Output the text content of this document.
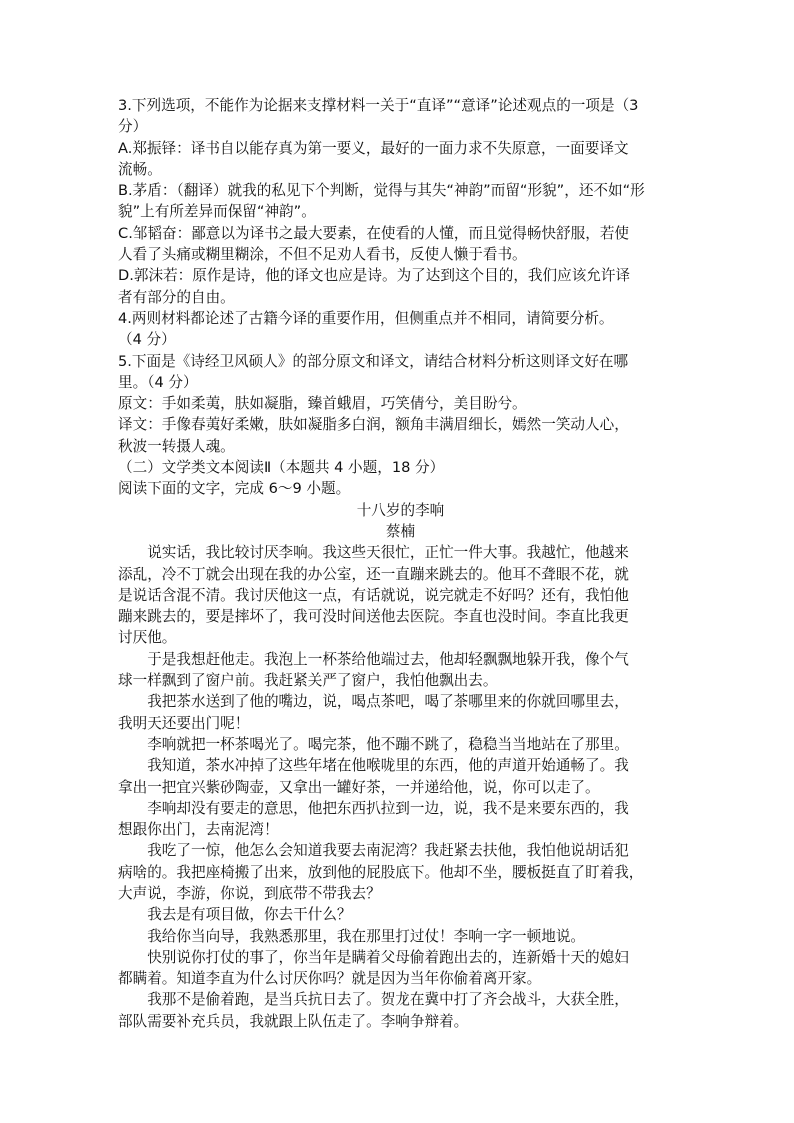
3.下列选项，不能作为论据来支撑材料一关于“直译”“意译”论述观点的一项是（3

分）

A.郑振铎：译书自以能存真为第一要义，最好的一面力求不失原意，一面要译文

流畅。

B.茅盾：（翻译）就我的私见下个判断，觉得与其失“神韵”而留“形貌”，还不如“形

貌”上有所差异而保留“神韵”。

C.邹韬奋：鄙意以为译书之最大要素，在使看的人懂，而且觉得畅快舒服，若使

人看了头痛或糊里糊涂，不但不足劝人看书，反使人懒于看书。

D.郭沫若：原作是诗，他的译文也应是诗。为了达到这个目的，我们应该允许译

者有部分的自由。

4.两则材料都论述了古籍今译的重要作用，但侧重点并不相同，请简要分析。

（4 分）

5.下面是《诗经卫风硕人》的部分原文和译文，请结合材料分析这则译文好在哪

里。（4 分）

原文：手如柔荑，肤如凝脂，臻首蛾眉，巧笑倩兮，美目盼兮。

译文：手像春荑好柔嫩，肤如凝脂多白润，额角丰满眉细长，嫣然一笑动人心，

秋波一转摄人魂。

（二）文学类文本阅读Ⅱ（本题共 4 小题，18 分）

阅读下面的文字，完成 6～9 小题。

十八岁的李响

蔡楠

说实话，我比较讨厌李响。我这些天很忙，正忙一件大事。我越忙，他越来

添乱，冷不丁就会出现在我的办公室，还一直蹦来跳去的。他耳不聋眼不花，就

是说话含混不清。我讨厌他这一点，有话就说，说完就走不好吗？还有，我怕他

蹦来跳去的，要是摔坏了，我可没时间送他去医院。李直也没时间。李直比我更

讨厌他。

于是我想赶他走。我泡上一杯茶给他端过去，他却轻飘飘地躲开我，像个气

球一样飘到了窗户前。我赶紧关严了窗户，我怕他飘出去。

我把茶水送到了他的嘴边，说，喝点茶吧，喝了茶哪里来的你就回哪里去，

我明天还要出门呢！

李响就把一杯茶喝光了。喝完茶，他不蹦不跳了，稳稳当当地站在了那里。

我知道，茶水冲掉了这些年堵在他喉咙里的东西，他的声道开始通畅了。我

拿出一把宜兴紫砂陶壶，又拿出一罐好茶，一并递给他，说，你可以走了。

李响却没有要走的意思，他把东西扒拉到一边，说，我不是来要东西的，我

想跟你出门，去南泥湾！

我吃了一惊，他怎么会知道我要去南泥湾？我赶紧去扶他，我怕他说胡话犯

病啥的。我把座椅搬了出来，放到他的屁股底下。他却不坐，腰板挺直了盯着我，

大声说，李游，你说，到底带不带我去？

我去是有项目做，你去干什么？

我给你当向导，我熟悉那里，我在那里打过仗！李响一字一顿地说。

快别说你打仗的事了，你当年是瞒着父母偷着跑出去的，连新婚十天的媳妇

都瞒着。知道李直为什么讨厌你吗？就是因为当年你偷着离开家。

我那不是偷着跑，是当兵抗日去了。贺龙在冀中打了齐会战斗，大获全胜，

部队需要补充兵员，我就跟上队伍走了。李响争辩着。
